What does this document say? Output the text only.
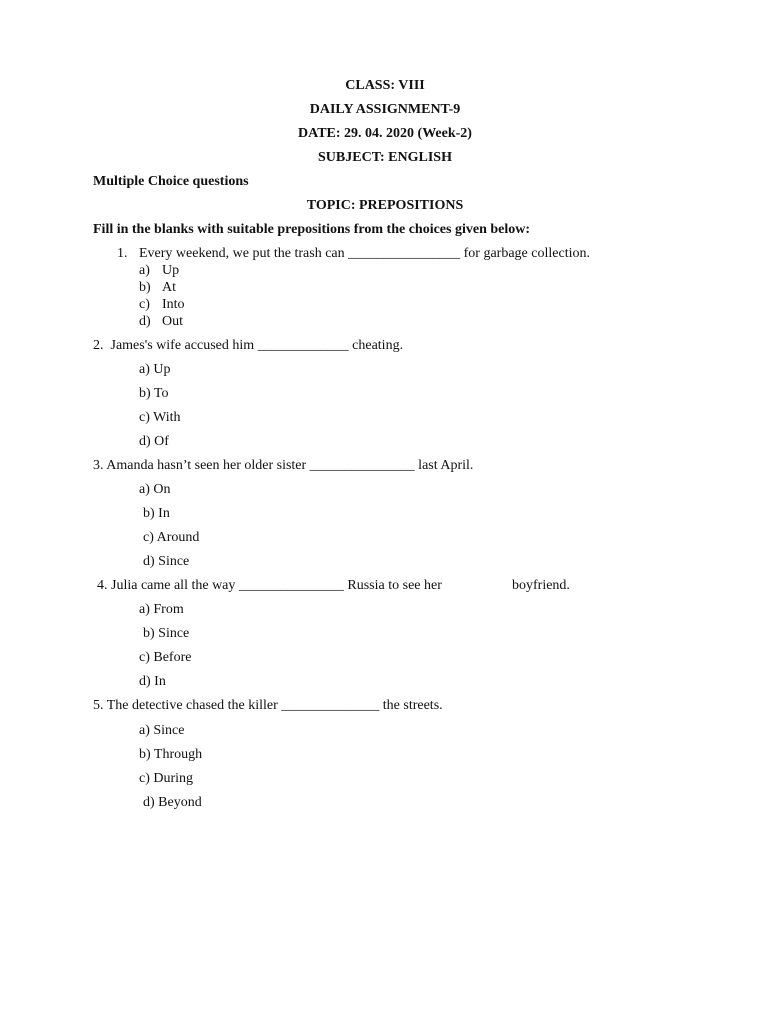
CLASS: VIII
DAILY ASSIGNMENT-9
DATE: 29. 04. 2020 (Week-2)
SUBJECT: ENGLISH
Multiple Choice questions
TOPIC: PREPOSITIONS
Fill in the blanks with suitable prepositions from the choices given below:
1. Every weekend, we put the trash can ________________ for garbage collection.
a) Up
b) At
c) Into
d) Out
2.  James's wife accused him _____________ cheating.
a) Up
b) To
c) With
d) Of
3. Amanda hasn’t seen her older sister _______________ last April.
a) On
b) In
c) Around
d) Since
4. Julia came all the way _______________ Russia to see her	boyfriend.
a) From
b) Since
c) Before
d) In
5. The detective chased the killer ______________ the streets.
a) Since
b) Through
c) During
d) Beyond
